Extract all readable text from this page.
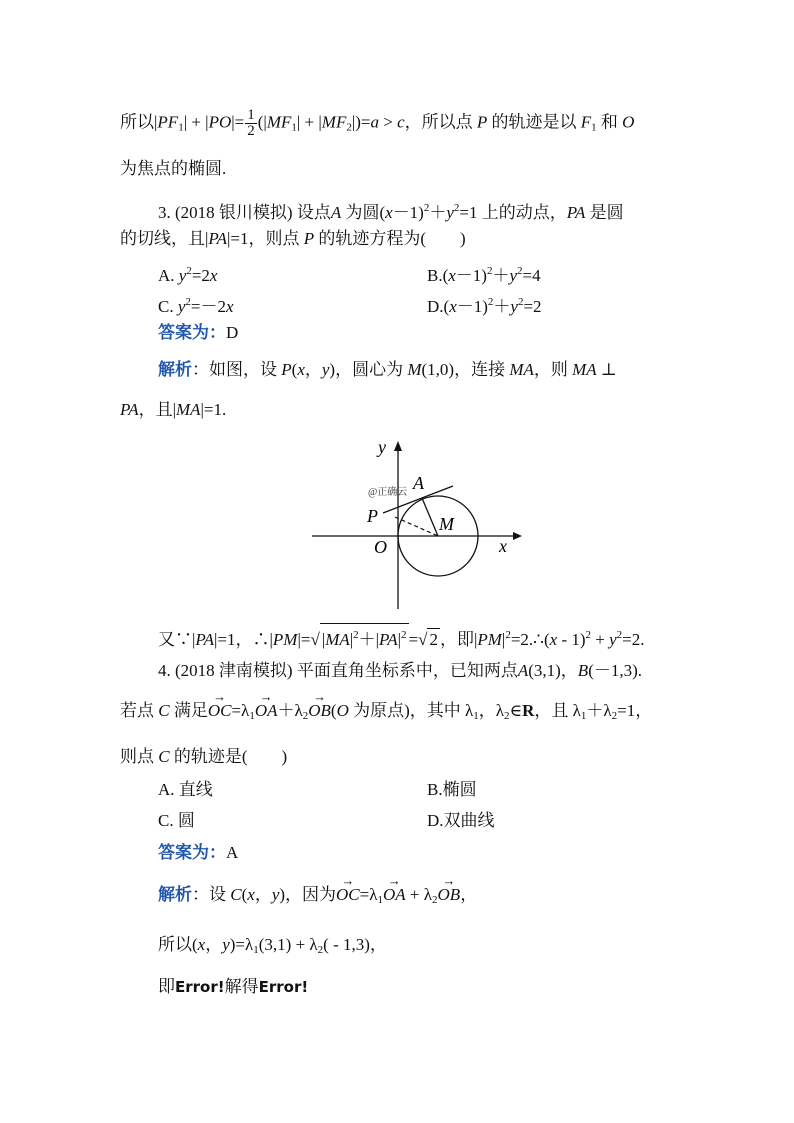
所以$|PF_1| + |PO|= \frac{1}{2} (|MF_1| + |MF_2|)=a > c$，所以点 P 的轨迹是以 $F_1$ 和 O
为焦点的椭圆.
3. (2018 银川模拟) 设点A 为圆$(x-1)^2+y^2=1$ 上的动点，PA 是圆
的切线，且|PA|=1，则点 P 的轨迹方程为(　　)
A. $y^2=2x$	$B.(x-1)^2+y^2=4$
C. $y^2=-2x$	$D.(x-1)^2+y^2=2$
答案为：D
解析：如图，设 P(x，y)，圆心为 M(1,0)，连接 MA，则 MA ⊥
PA，且|MA|=1.
y
x
O
P
A
M
@正确云
又∵|PA|=1，∴|PM|=√ $|MA|^2+|PA|^2$ =√ 2 ，即$|PM|^2=2.\therefore(x - 1)^2 + y^2=2$.
4. (2018 津南模拟) 平面直角坐标系中，已知两点A(3,1)，B(－1,3).
若点 C 满足→ $OC=\lambda_1\to OA+\lambda_2\to OB(O$ 为原点)，其中 $\lambda_1$，$\lambda_2\in R$，且 $\lambda_1+\lambda_2=1$，
则点 C 的轨迹是(　　)
A. 直线	B.椭圆
C. 圆	D.双曲线
答案为：A
解析：设 C(x，y)，因为→ $OC=\lambda_1\to$ OA + $\lambda_2\to$ OB，
所以(x，$y)=\lambda_1(3,1) + \lambda_2( - 1,3)$，
即Error!解得Error!
